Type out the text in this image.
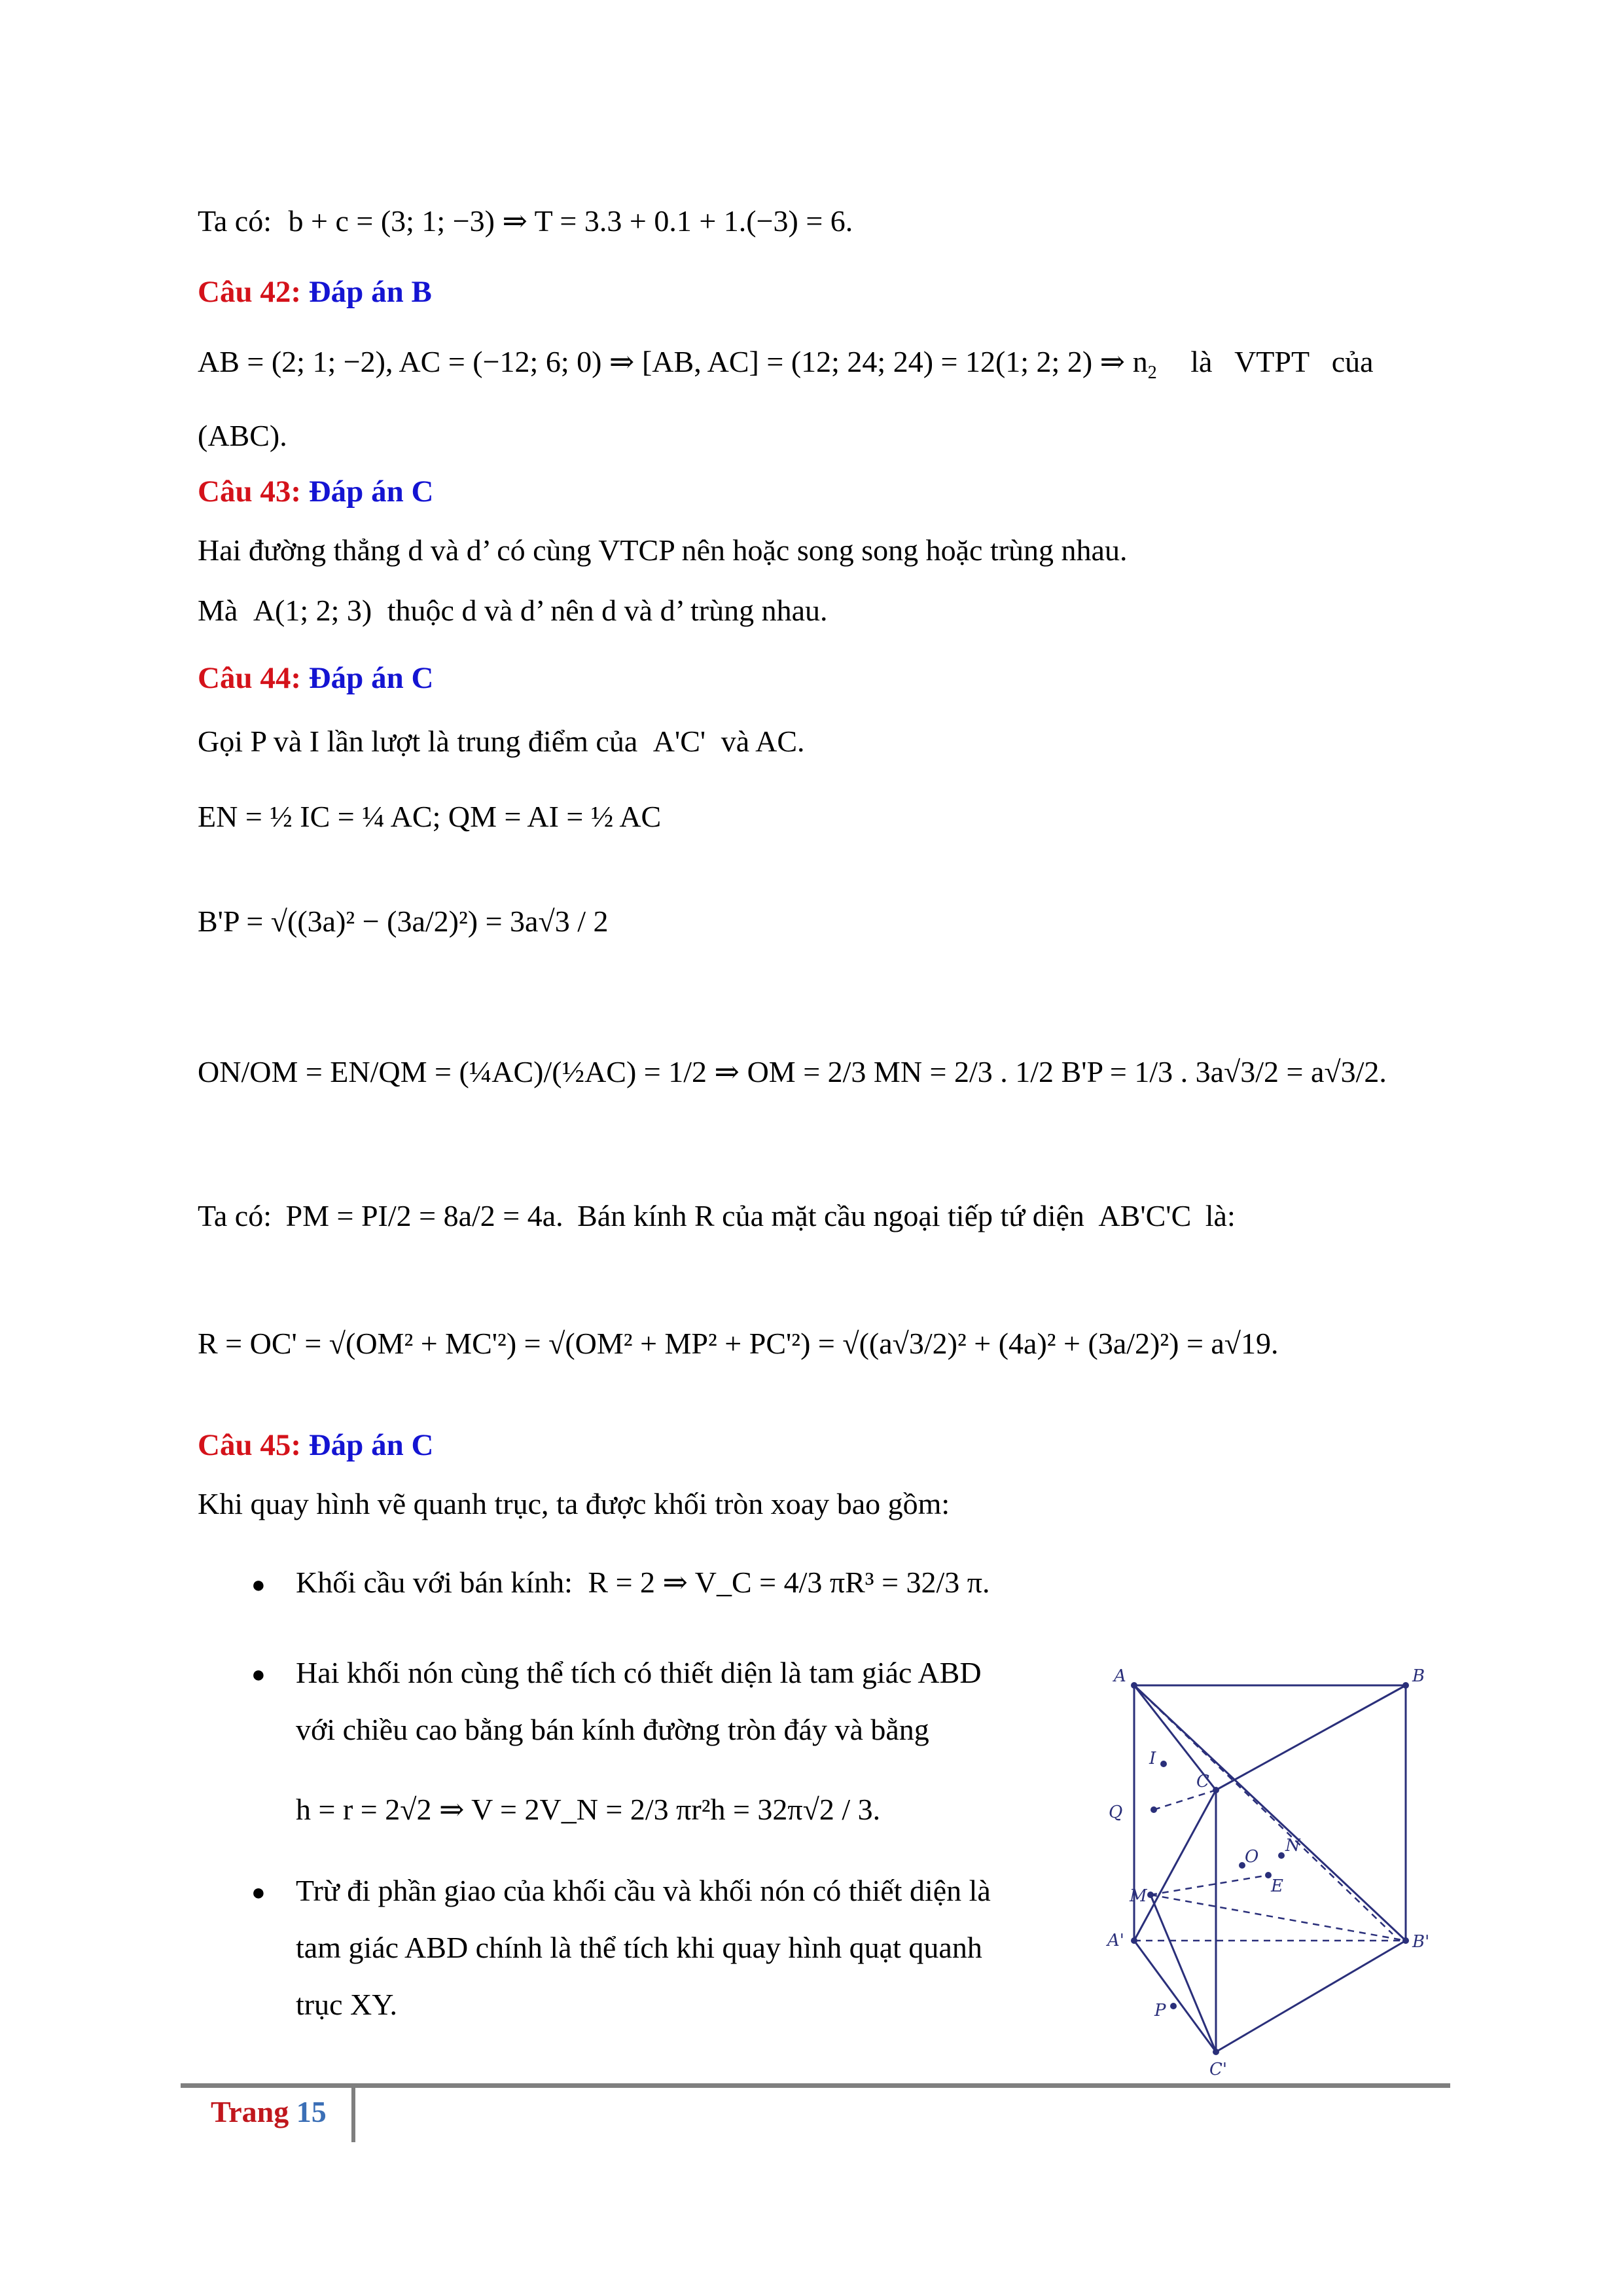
Ta có: b + c = (3; 1; −3) ⇒ T = 3.3 + 0.1 + 1.(−3) = 6.
Câu 42: Đáp án B
AB = (2; 1; −2), AC = (−12; 6; 0) ⇒ [AB, AC] = (12; 24; 24) = 12(1; 2; 2) ⇒ $n_2$ là   VTPT   của
(ABC).
Câu 43: Đáp án C
Hai đường thẳng d và d’ có cùng VTCP nên hoặc song song hoặc trùng nhau.
Mà A(1; 2; 3) thuộc d và d’ nên d và d’ trùng nhau.
Câu 44: Đáp án C
Gọi P và I lần lượt là trung điểm của A'C' và AC.
EN = ½ IC = ¼ AC; QM = AI = ½ AC
B'P = √((3a)² − (3a/2)²) = 3a√3 / 2
ON/OM = EN/QM = (¼AC)/(½AC) = 1/2 ⇒ OM = 2/3 MN = 2/3 . 1/2 B'P = 1/3 . 3a√3/2 = a√3/2.
Ta có: PM = PI/2 = 8a/2 = 4a. Bán kính R của mặt cầu ngoại tiếp tứ diện AB'C'C là:
R = OC' = √(OM² + MC'²) = √(OM² + MP² + PC'²) = √((a√3/2)² + (4a)² + (3a/2)²) = a√19.
Câu 45: Đáp án C
Khi quay hình vẽ quanh trục, ta được khối tròn xoay bao gồm:
● Khối cầu với bán kính: R = 2 ⇒ V_C = 4/3 πR³ = 32/3 π.
● Hai khối nón cùng thể tích có thiết diện là tam giác ABD
với chiều cao bằng bán kính đường tròn đáy và bằng
h = r = 2√2 ⇒ V = 2V_N = 2/3 πr²h = 32π√2 / 3.
● Trừ đi phần giao của khối cầu và khối nón có thiết diện là
tam giác ABD chính là thể tích khi quay hình quạt quanh
trục XY.
A	B
I
C
Q
N
O
M	E
A'	B'
P
C'
Trang 15
